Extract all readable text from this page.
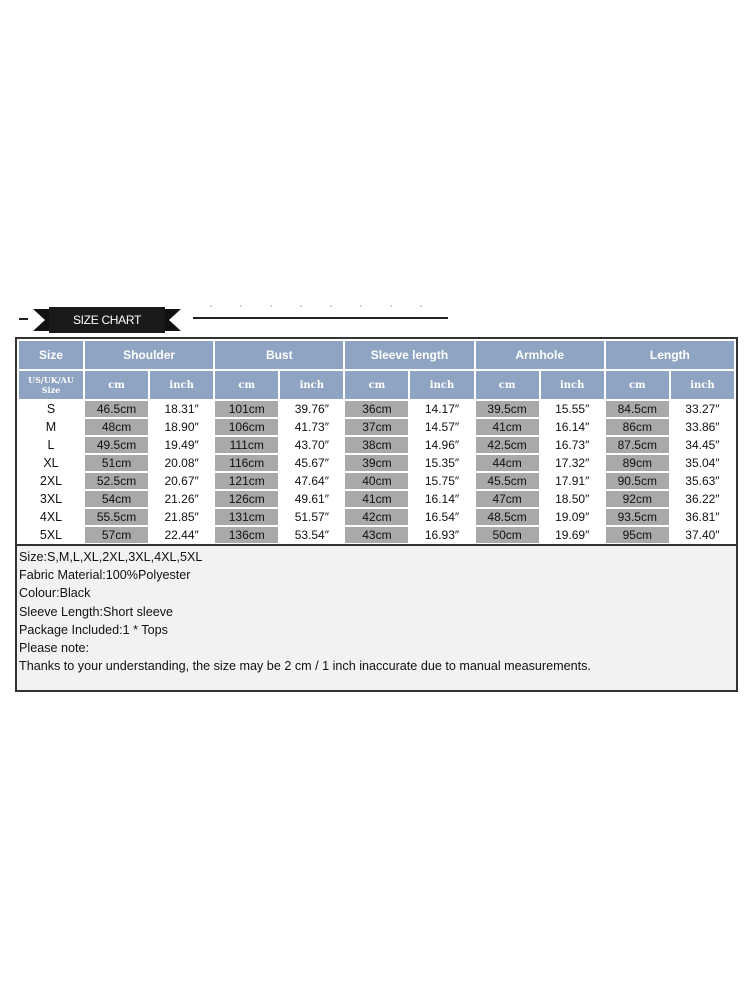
SIZE CHART
Size	Shoulder		Bust		Sleeve length		Armhole		Length	
US/UK/AU
Size	cm	inch	cm	inch	cm	inch	cm	inch	cm	inch
S	46.5cm	18.31″	101cm	39.76″	36cm	14.17″	39.5cm	15.55″	84.5cm	33.27″
M	48cm	18.90″	106cm	41.73″	37cm	14.57″	41cm	16.14″	86cm	33.86″
L	49.5cm	19.49″	111cm	43.70″	38cm	14.96″	42.5cm	16.73″	87.5cm	34.45″
XL	51cm	20.08″	116cm	45.67″	39cm	15.35″	44cm	17.32″	89cm	35.04″
2XL	52.5cm	20.67″	121cm	47.64″	40cm	15.75″	45.5cm	17.91″	90.5cm	35.63″
3XL	54cm	21.26″	126cm	49.61″	41cm	16.14″	47cm	18.50″	92cm	36.22″
4XL	55.5cm	21.85″	131cm	51.57″	42cm	16.54″	48.5cm	19.09″	93.5cm	36.81″
5XL	57cm	22.44″	136cm	53.54″	43cm	16.93″	50cm	19.69″	95cm	37.40″
Size:S,M,L,XL,2XL,3XL,4XL,5XL
Fabric Material:100%Polyester
Colour:Black
Sleeve Length:Short sleeve
Package Included:1 * Tops
Please note:
Thanks to your understanding, the size may be 2 cm / 1 inch inaccurate due to manual measurements.
